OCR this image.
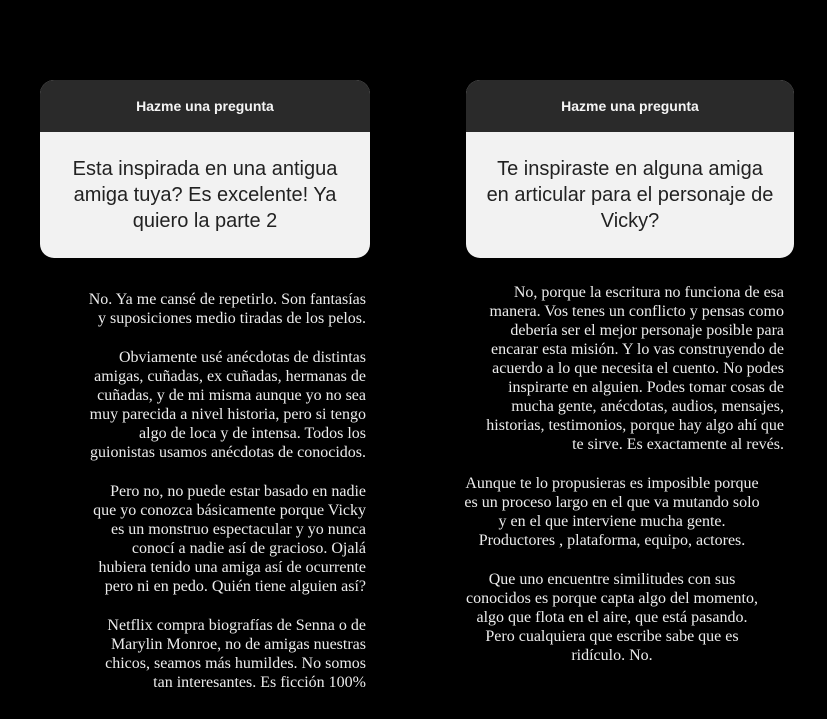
Hazme una pregunta
Esta inspirada en una antigua amiga tuya? Es excelente! Ya quiero la parte 2

No. Ya me cansé de repetirlo. Son fantasías
y suposiciones medio tiradas de los pelos.

Obviamente usé anécdotas de distintas
amigas, cuñadas, ex cuñadas, hermanas de
cuñadas, y de mi misma aunque yo no sea
muy parecida a nivel historia, pero si tengo
algo de loca y de intensa. Todos los
guionistas usamos anécdotas de conocidos.

Pero no, no puede estar basado en nadie
que yo conozca básicamente porque Vicky
es un monstruo espectacular y yo nunca
conocí a nadie así de gracioso. Ojalá
hubiera tenido una amiga así de ocurrente
pero ni en pedo. Quién tiene alguien así?

Netflix compra biografías de Senna o de
Marylin Monroe, no de amigas nuestras
chicos, seamos más humildes. No somos
tan interesantes. Es ficción 100%

Hazme una pregunta
Te inspiraste en alguna amiga en articular para el personaje de Vicky?

No, porque la escritura no funciona de esa
manera. Vos tenes un conflicto y pensas como
debería ser el mejor personaje posible para
encarar esta misión. Y lo vas construyendo de
acuerdo a lo que necesita el cuento. No podes
inspirarte en alguien. Podes tomar cosas de
mucha gente, anécdotas, audios, mensajes,
historias, testimonios, porque hay algo ahí que
te sirve. Es exactamente al revés.

Aunque te lo propusieras es imposible porque
es un proceso largo en el que va mutando solo
y en el que interviene mucha gente.
Productores , plataforma, equipo, actores.

Que uno encuentre similitudes con sus
conocidos es porque capta algo del momento,
algo que flota en el aire, que está pasando.
Pero cualquiera que escribe sabe que es
ridículo. No.
